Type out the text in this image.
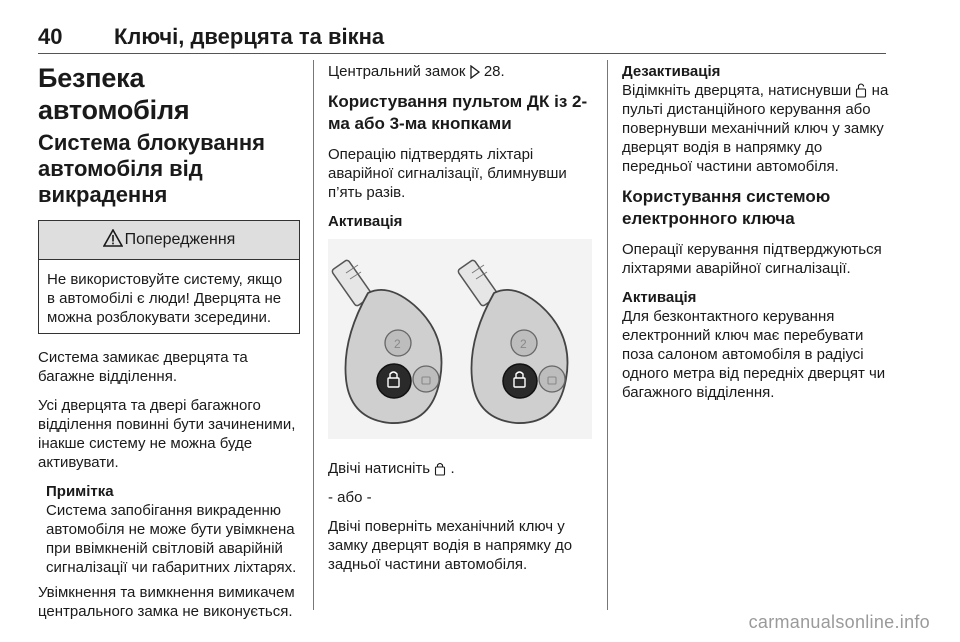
40 Ключі, дверцята та вікна
Безпека автомобіля
Система блокування автомобіля від викрадення
Попередження
Не використовуйте систему, якщо в автомобілі є люди! Дверцята не можна розблокувати зсередини.

Система замикає дверцята та багажне відділення.

Усі дверцята та двері багажного відділення повинні бути зачиненими, інакше систему не можна буде активувати.

Примітка

Система запобігання викраденню автомобіля не може бути увімкнена при ввімкненій світловій аварійній сигналізації чи габаритних ліхтарях.

Увімкнення та вимкнення вимикачем центрального замка не виконується.

Центральний замок 28.

Користування пультом ДК із 2-ма або 3-ма кнопками

Операцію підтвердять ліхтарі аварійної сигналізації, блимнувши п’ять разів.

Активація
2	2

Двічі натисніть .

- або -

Двічі поверніть механічний ключ у замку дверцят водія в напрямку до задньої частини автомобіля.

Дезактивація

Відімкніть дверцята, натиснувши на пульті дистанційного керування або повернувши механічний ключ у замку дверцят водія в напрямку до передньої частини автомобіля.

Користування системою електронного ключа

Операції керування підтверджуються ліхтарями аварійної сигналізації.

Активація

Для безконтактного керування електронний ключ має перебувати поза салоном автомобіля в радіусі одного метра від передніх дверцят чи багажного відділення.

carmanualsonline.info
